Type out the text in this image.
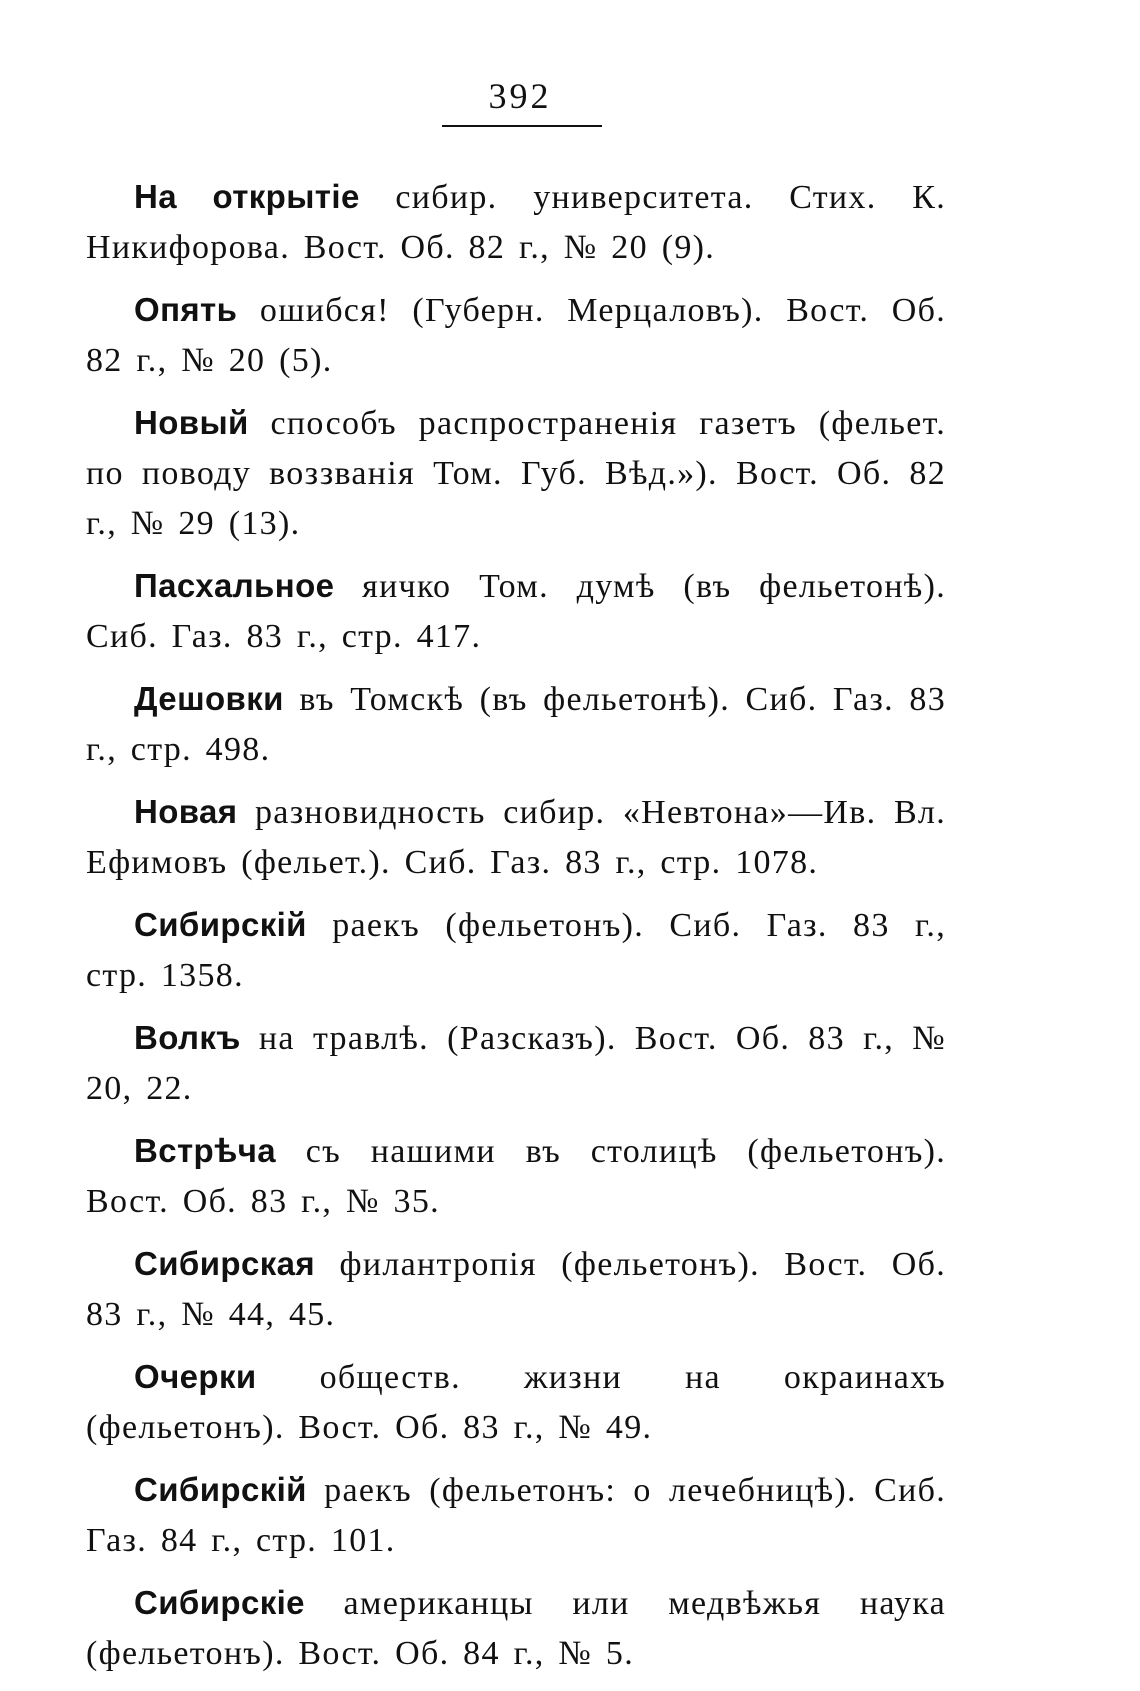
392

На открытіе сибир. университета. Стих. К. Никифорова. Вост. Об. 82 г., № 20 (9).

Опять ошибся! (Губерн. Мерцаловъ). Вост. Об. 82 г., № 20 (5).

Новый способъ распространенія газетъ (фельет. по поводу воззванія Том. Губ. Вѣд.»). Вост. Об. 82 г., № 29 (13).

Пасхальное яичко Том. думѣ (въ фельетонѣ). Сиб. Газ. 83 г., стр. 417.

Дешовки въ Томскѣ (въ фельетонѣ). Сиб. Газ. 83 г., стр. 498.

Новая разновидность сибир. «Невтона»—Ив. Вл. Ефимовъ (фельет.). Сиб. Газ. 83 г., стр. 1078.

Сибирскій раекъ (фельетонъ). Сиб. Газ. 83 г., стр. 1358.

Волкъ на травлѣ. (Разсказъ). Вост. Об. 83 г., № 20, 22.

Встрѣча съ нашими въ столицѣ (фельетонъ). Вост. Об. 83 г., № 35.

Сибирская филантропія (фельетонъ). Вост. Об. 83 г., № 44, 45.

Очерки обществ. жизни на окраинахъ (фельетонъ). Вост. Об. 83 г., № 49.

Сибирскій раекъ (фельетонъ: о лечебницѣ). Сиб. Газ. 84 г., стр. 101.

Сибирскіе американцы или медвѣжья наука (фельетонъ). Вост. Об. 84 г., № 5.
